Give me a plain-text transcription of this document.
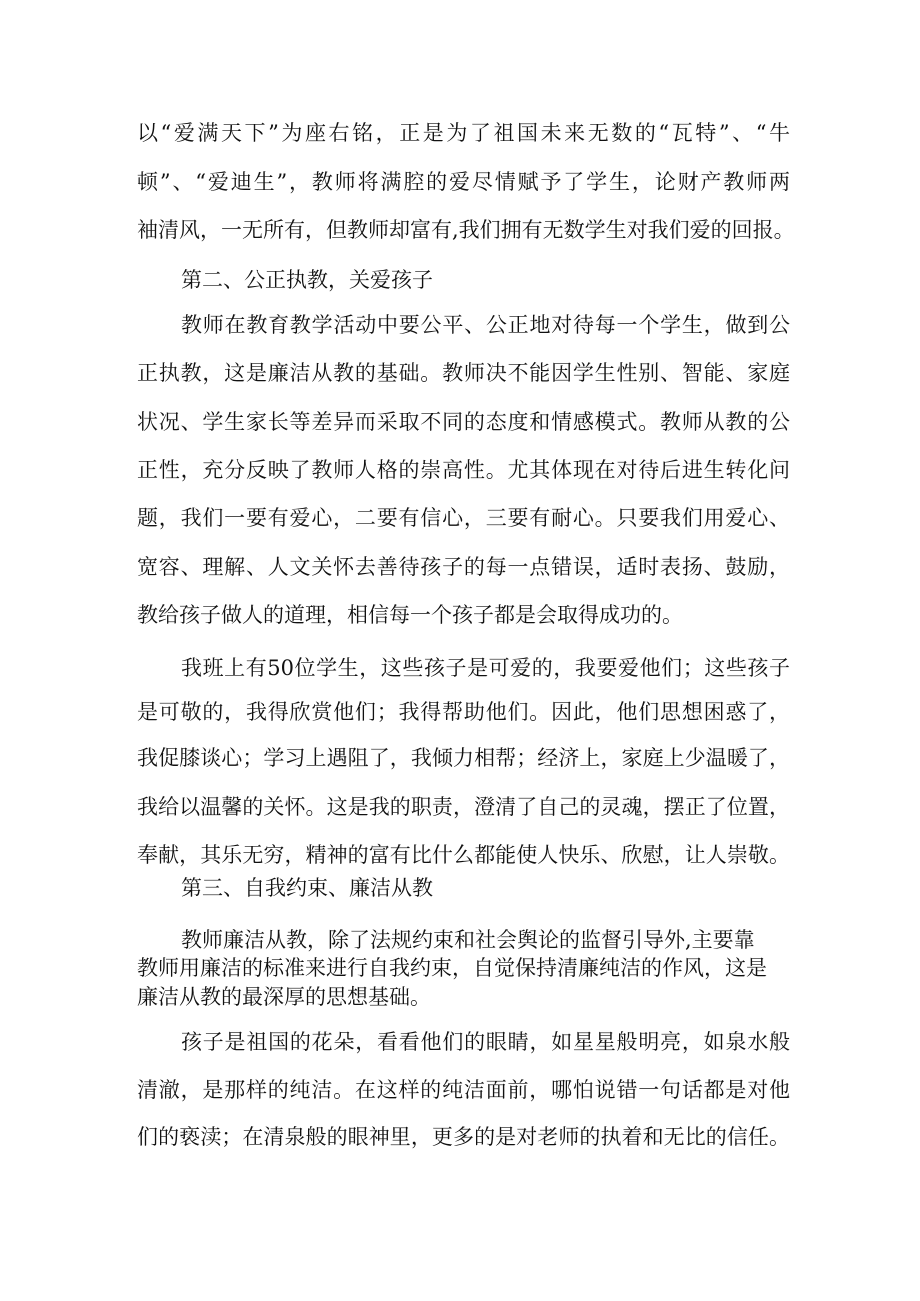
以“爱满天下”为座右铭，正是为了祖国未来无数的“瓦特”、“牛
顿”、“爱迪生”，教师将满腔的爱尽情赋予了学生，论财产教师两
袖清风，一无所有，但教师却富有,我们拥有无数学生对我们爱的回报。
第二、公正执教，关爱孩子
教师在教育教学活动中要公平、公正地对待每一个学生，做到公
正执教，这是廉洁从教的基础。教师决不能因学生性别、智能、家庭
状况、学生家长等差异而采取不同的态度和情感模式。教师从教的公
正性，充分反映了教师人格的崇高性。尤其体现在对待后进生转化问
题，我们一要有爱心，二要有信心，三要有耐心。只要我们用爱心、
宽容、理解、人文关怀去善待孩子的每一点错误，适时表扬、鼓励，
教给孩子做人的道理，相信每一个孩子都是会取得成功的。
我班上有50位学生，这些孩子是可爱的，我要爱他们；这些孩子
是可敬的，我得欣赏他们；我得帮助他们。因此，他们思想困惑了，
我促膝谈心；学习上遇阻了，我倾力相帮；经济上，家庭上少温暖了，
我给以温馨的关怀。这是我的职责，澄清了自己的灵魂，摆正了位置，
奉献，其乐无穷，精神的富有比什么都能使人快乐、欣慰，让人崇敬。
第三、自我约束、廉洁从教
教师廉洁从教，除了法规约束和社会舆论的监督引导外,主要靠
教师用廉洁的标准来进行自我约束，自觉保持清廉纯洁的作风，这是
廉洁从教的最深厚的思想基础。
孩子是祖国的花朵，看看他们的眼睛，如星星般明亮，如泉水般
清澈，是那样的纯洁。在这样的纯洁面前，哪怕说错一句话都是对他
们的亵渎；在清泉般的眼神里，更多的是对老师的执着和无比的信任。
